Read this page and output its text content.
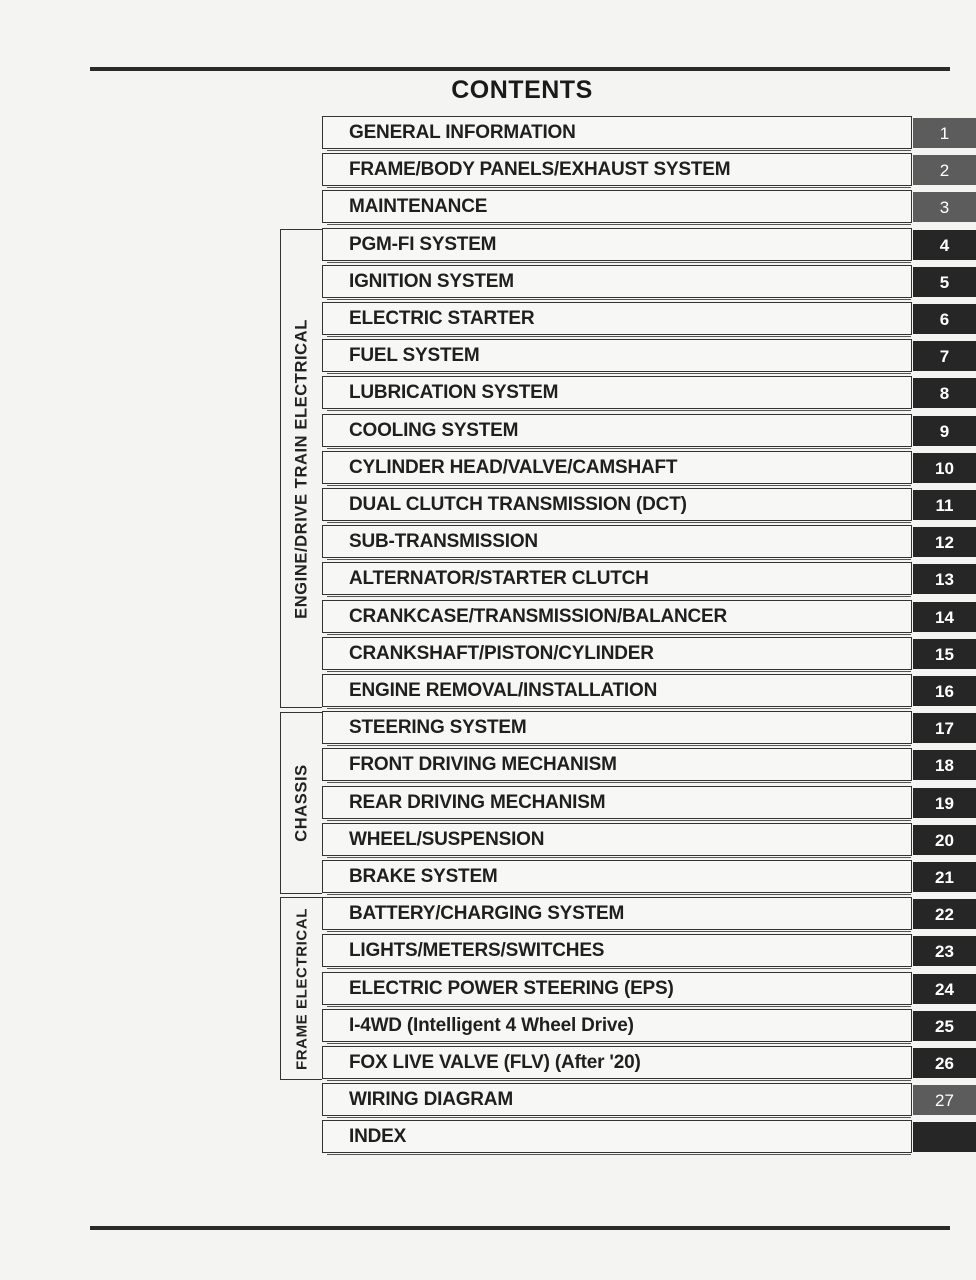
CONTENTS
ENGINE/DRIVE TRAIN ELECTRICAL
CHASSIS
FRAME ELECTRICAL
GENERAL INFORMATION	1
FRAME/BODY PANELS/EXHAUST SYSTEM	2
MAINTENANCE	3
PGM-FI SYSTEM	4
IGNITION SYSTEM	5
ELECTRIC STARTER	6
FUEL SYSTEM	7
LUBRICATION SYSTEM	8
COOLING SYSTEM	9
CYLINDER HEAD/VALVE/CAMSHAFT	10
DUAL CLUTCH TRANSMISSION (DCT)	11
SUB-TRANSMISSION	12
ALTERNATOR/STARTER CLUTCH	13
CRANKCASE/TRANSMISSION/BALANCER	14
CRANKSHAFT/PISTON/CYLINDER	15
ENGINE REMOVAL/INSTALLATION	16
STEERING SYSTEM	17
FRONT DRIVING MECHANISM	18
REAR DRIVING MECHANISM	19
WHEEL/SUSPENSION	20
BRAKE SYSTEM	21
BATTERY/CHARGING SYSTEM	22
LIGHTS/METERS/SWITCHES	23
ELECTRIC POWER STEERING (EPS)	24
I-4WD (Intelligent 4 Wheel Drive)	25
FOX LIVE VALVE (FLV) (After '20)	26
WIRING DIAGRAM	27
INDEX
